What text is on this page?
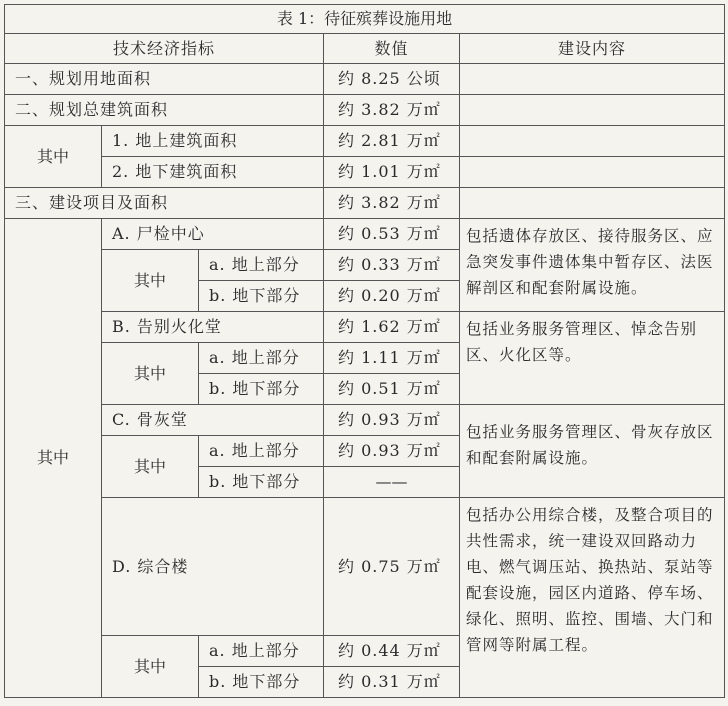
表 1：待征殡葬设施用地				
技术经济指标			数值	建设内容
一、规划用地面积			约 8.25 公顷	
二、规划总建筑面积			约 3.82 万㎡	
其中	1. 地上建筑面积		约 2.81 万㎡	
	2. 地下建筑面积		约 1.01 万㎡	
三、建设项目及面积			约 3.82 万㎡	
其中	A. 尸检中心		约 0.53 万㎡	包括遗体存放区、接待服务区、应急突发事件遗体集中暂存区、法医解剖区和配套附属设施。
	其中	a. 地上部分	约 0.33 万㎡	
		b. 地下部分	约 0.20 万㎡	
	B. 告别火化堂		约 1.62 万㎡	包括业务服务管理区、悼念告别区、火化区等。
	其中	a. 地上部分	约 1.11 万㎡	
		b. 地下部分	约 0.51 万㎡	
	C. 骨灰堂		约 0.93 万㎡	包括业务服务管理区、骨灰存放区和配套附属设施。
	其中	a. 地上部分	约 0.93 万㎡	
		b. 地下部分	——	
	D. 综合楼		约 0.75 万㎡	包括办公用综合楼，及整合项目的共性需求，统一建设双回路动力电、燃气调压站、换热站、泵站等配套设施，园区内道路、停车场、绿化、照明、监控、围墙、大门和管网等附属工程。
	其中	a. 地上部分	约 0.44 万㎡	
		b. 地下部分	约 0.31 万㎡	
